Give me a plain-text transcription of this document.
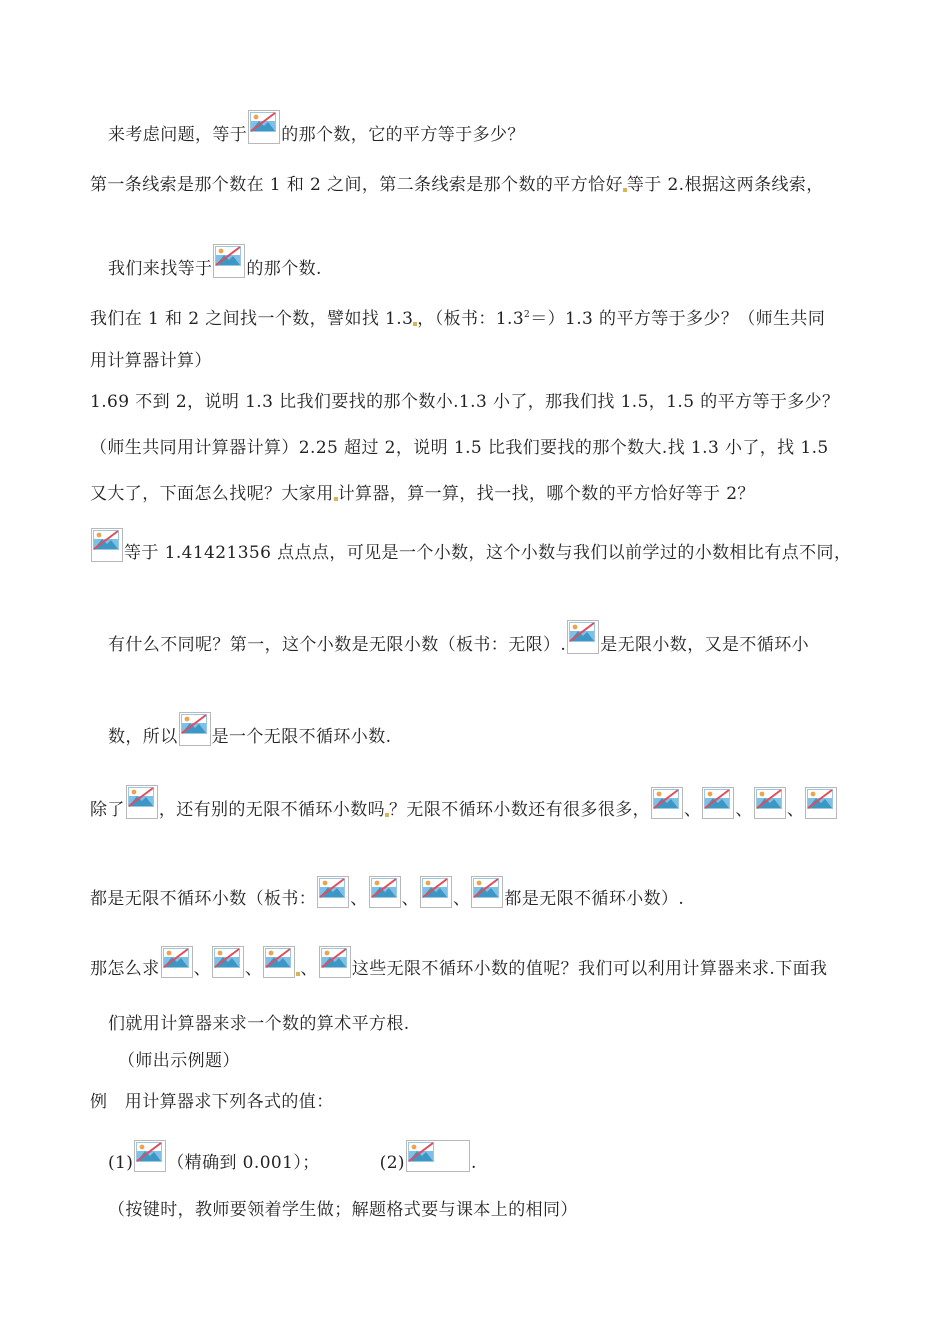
来考虑问题，等于 的那个数，它的平方等于多少？
第一条线索是那个数在 1 和 2 之间，第二条线索是那个数的平方恰好 等于 2.根据这两条线索，
我们来找等于 的那个数.
我们在 1 和 2 之间找一个数，譬如找 1.3 ，（板书：$1.3^2=)1.3$ 的平方等于多少？（师生共同
用计算器计算）
1.69 不到 2，说明 1.3 比我们要找的那个数小.1.3 小了，那我们找 1.5，1.5 的平方等于多少？
（师生共同用计算器计算）2.25 超过 2，说明 1.5 比我们要找的那个数大.找 1.3 小了，找 1.5
又大了，下面怎么找呢？大家用 计算器，算一算，找一找，哪个数的平方恰好等于 2？
等于 1.41421356 点点点，可见是一个小数，这个小数与我们以前学过的小数相比有点不同，
有什么不同呢？第一，这个小数是无限小数（板书：无限）. 是无限小数，又是不循环小
数，所以 是一个无限不循环小数.
除了 ，还有别的无限不循环小数吗 ？无限不循环小数还有很多很多， 、 、 、
都是无限不循环小数（板书： 、 、 、 都是无限不循环小数）.
那怎么求 、 、 、 这些无限不循环小数的值呢？我们可以利用计算器来求.下面我
们就用计算器来求一个数的算术平方根.
（师出示例题）
例　用计算器求下列各式的值：
(1) （精确到 0.001）；	(2)	.
（按键时，教师要领着学生做；解题格式要与课本上的相同）
